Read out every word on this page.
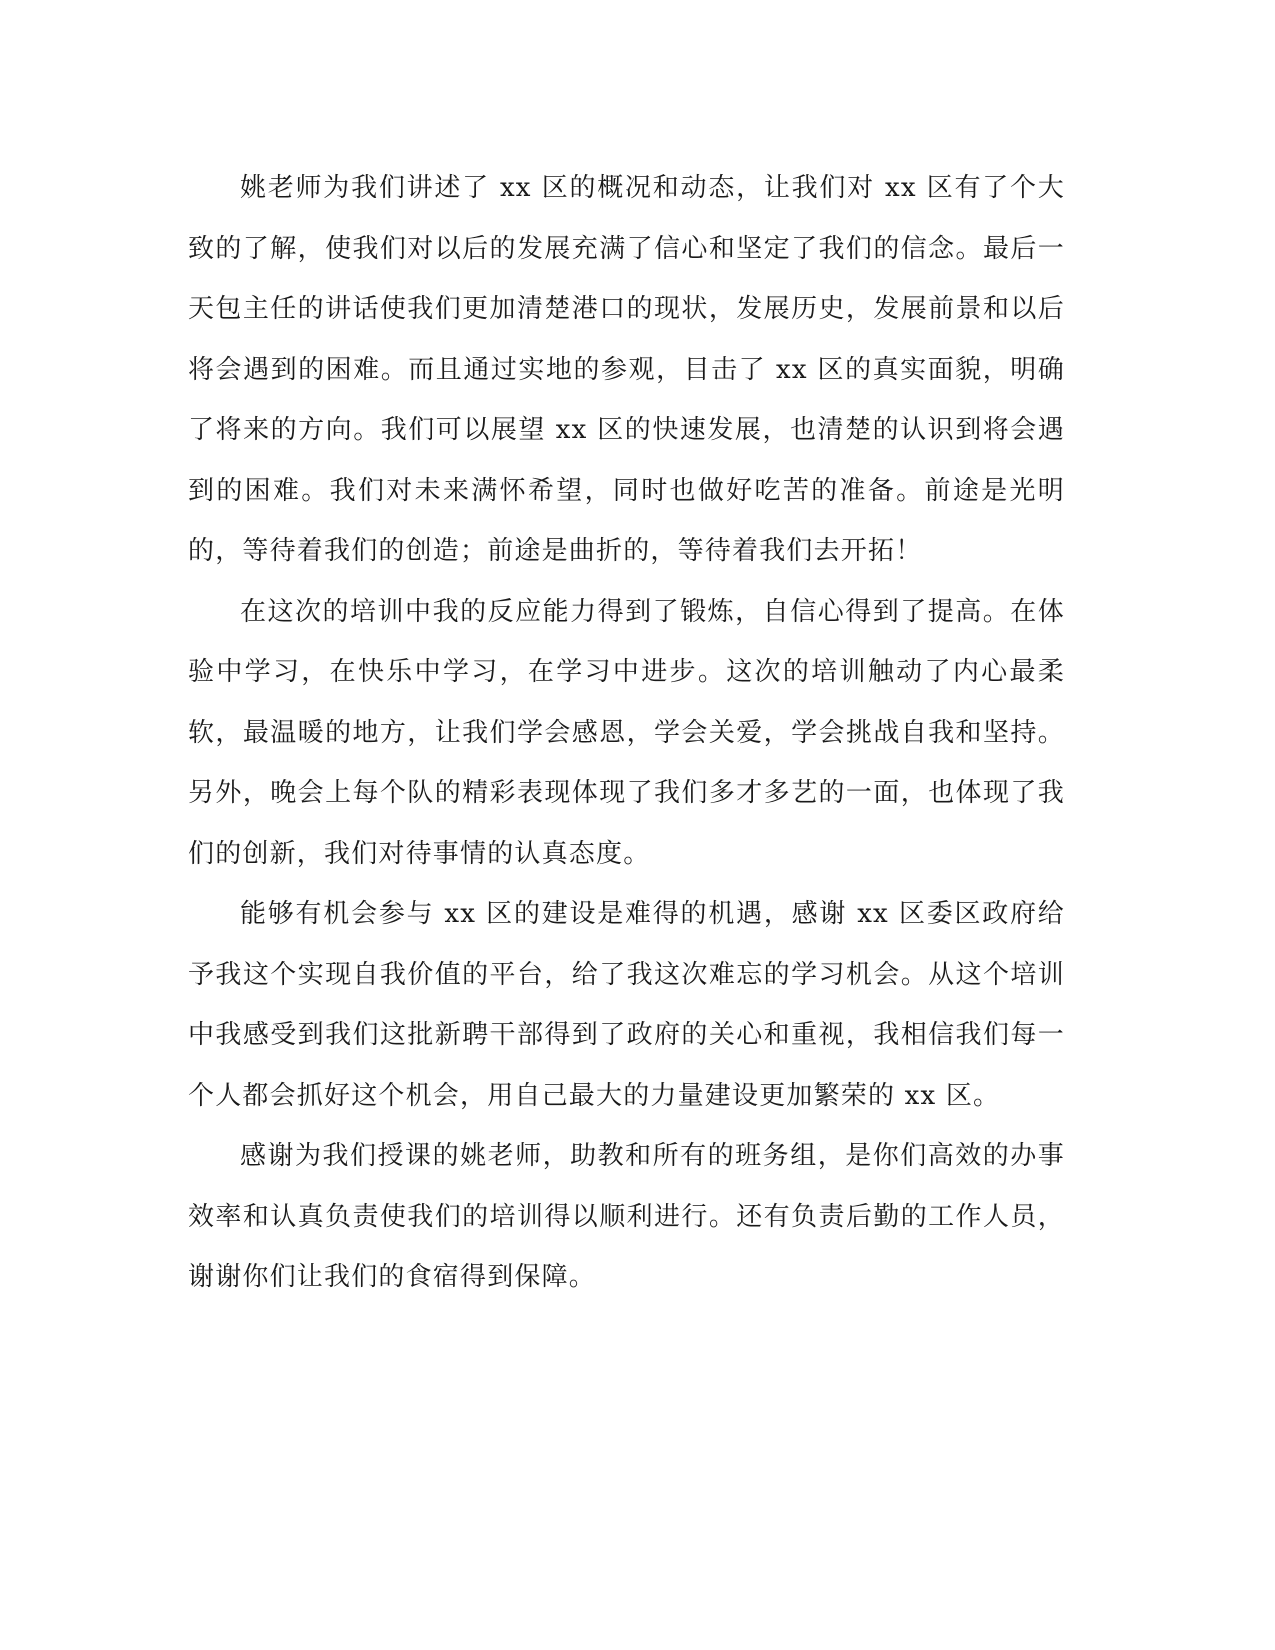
姚老师为我们讲述了 xx 区的概况和动态，让我们对 xx 区有了个大致的了解，使我们对以后的发展充满了信心和坚定了我们的信念。最后一天包主任的讲话使我们更加清楚港口的现状，发展历史，发展前景和以后将会遇到的困难。而且通过实地的参观，目击了 xx 区的真实面貌，明确了将来的方向。我们可以展望 xx 区的快速发展，也清楚的认识到将会遇到的困难。我们对未来满怀希望，同时也做好吃苦的准备。前途是光明的，等待着我们的创造；前途是曲折的，等待着我们去开拓！

在这次的培训中我的反应能力得到了锻炼，自信心得到了提高。在体验中学习，在快乐中学习，在学习中进步。这次的培训触动了内心最柔软，最温暖的地方，让我们学会感恩，学会关爱，学会挑战自我和坚持。另外，晚会上每个队的精彩表现体现了我们多才多艺的一面，也体现了我们的创新，我们对待事情的认真态度。

能够有机会参与 xx 区的建设是难得的机遇，感谢 xx 区委区政府给予我这个实现自我价值的平台，给了我这次难忘的学习机会。从这个培训中我感受到我们这批新聘干部得到了政府的关心和重视，我相信我们每一个人都会抓好这个机会，用自己最大的力量建设更加繁荣的 xx 区。

感谢为我们授课的姚老师，助教和所有的班务组，是你们高效的办事效率和认真负责使我们的培训得以顺利进行。还有负责后勤的工作人员，谢谢你们让我们的食宿得到保障。
